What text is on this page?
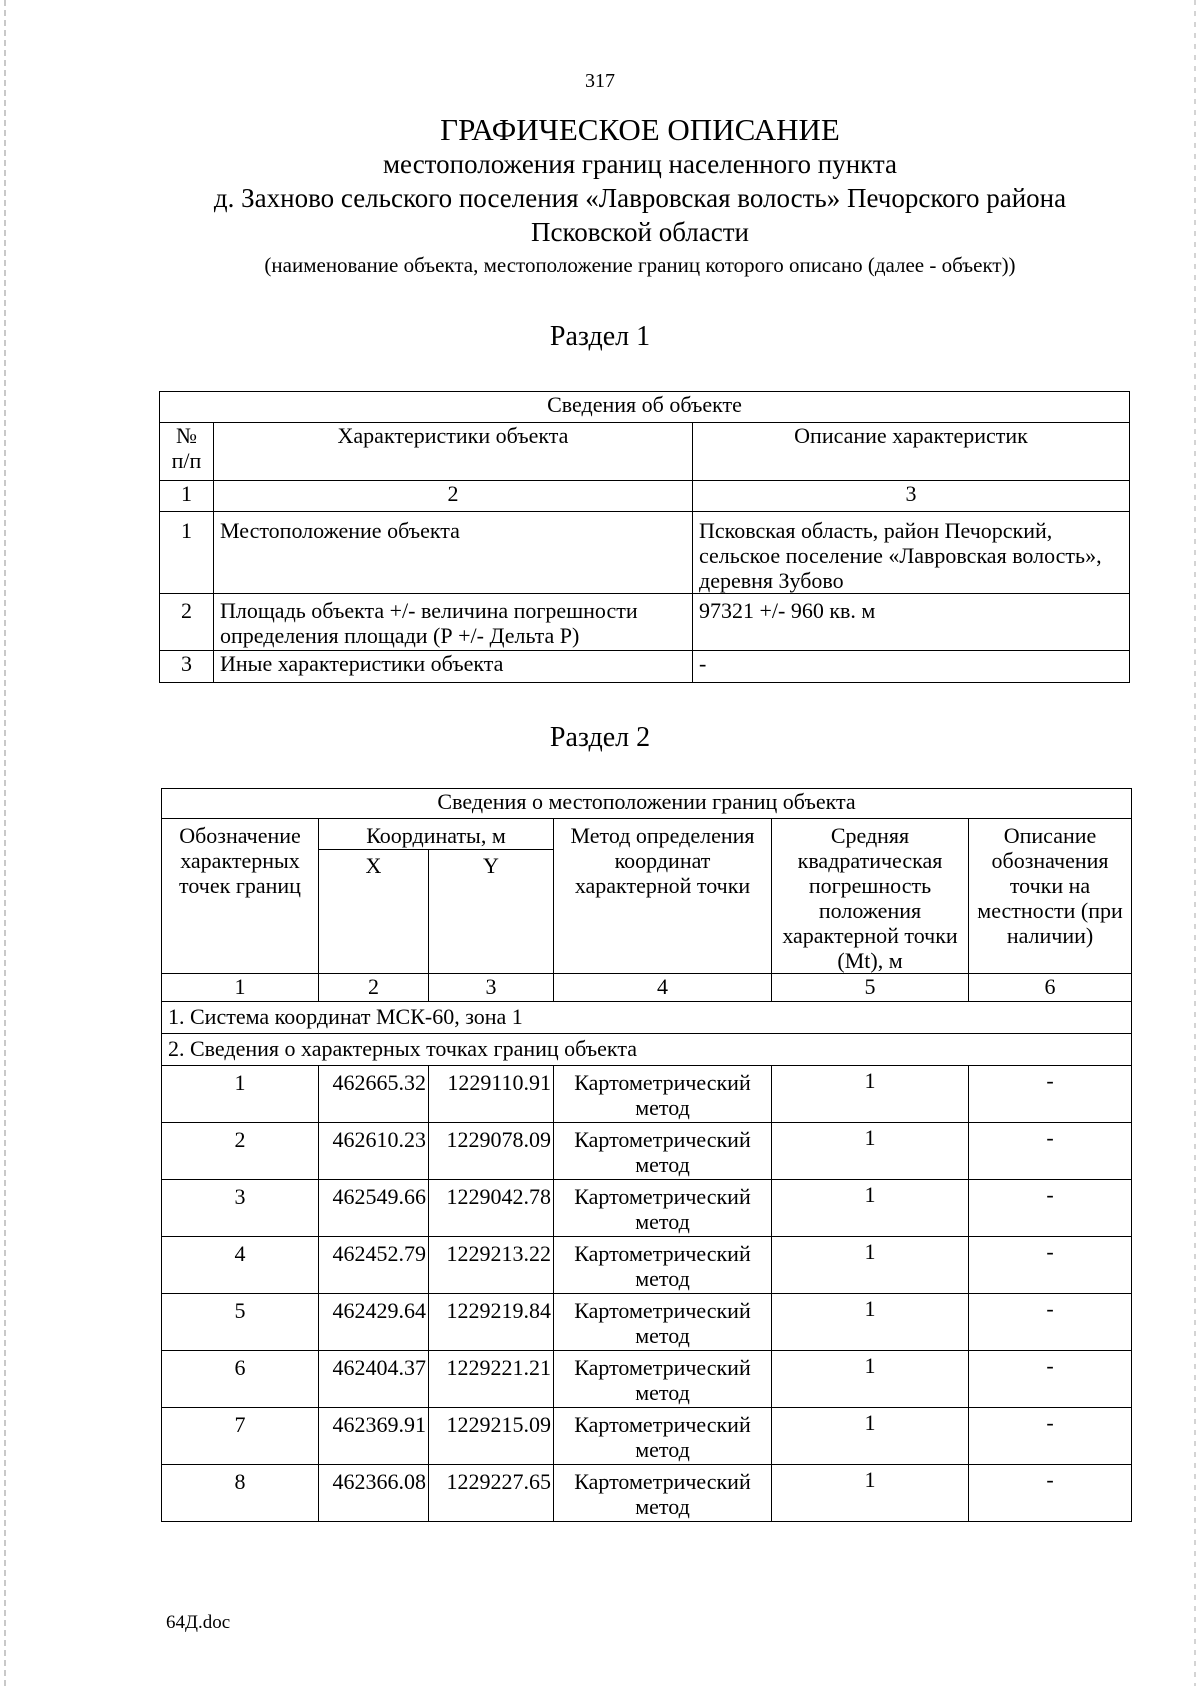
317
ГРАФИЧЕСКОЕ ОПИСАНИЕ
местоположения границ населенного пункта
д. Захново сельского поселения «Лавровская волость» Печорского района
Псковской области
(наименование объекта, местоположение границ которого описано (далее - объект))
Раздел 1
Сведения об объекте		
№ п/п	Характеристики объекта	Описание характеристик
1	2	3
1	Местоположение объекта	Псковская область, район Печорский, сельское поселение «Лавровская волость», деревня Зубово
2	Площадь объекта +/- величина погрешности определения площади (Р +/- Дельта Р)	97321 +/- 960 кв. м
3	Иные характеристики объекта	-
Раздел 2
Сведения о местоположении границ объекта					
Обозначение характерных точек границ	Координаты, м		Метод определения координат характерной точки	Средняя квадратическая погрешность положения характерной точки (Mt), м	Описание обозначения точки на местности (при наличии)
	X	Y			
1	2	3	4	5	6
1. Система координат МСК-60, зона 1					
2. Сведения о характерных точках границ объекта					
1	462665.32	1229110.91	Картометрический метод	1	-
2	462610.23	1229078.09	Картометрический метод	1	-
3	462549.66	1229042.78	Картометрический метод	1	-
4	462452.79	1229213.22	Картометрический метод	1	-
5	462429.64	1229219.84	Картометрический метод	1	-
6	462404.37	1229221.21	Картометрический метод	1	-
7	462369.91	1229215.09	Картометрический метод	1	-
8	462366.08	1229227.65	Картометрический метод	1	-
64Д.doc
